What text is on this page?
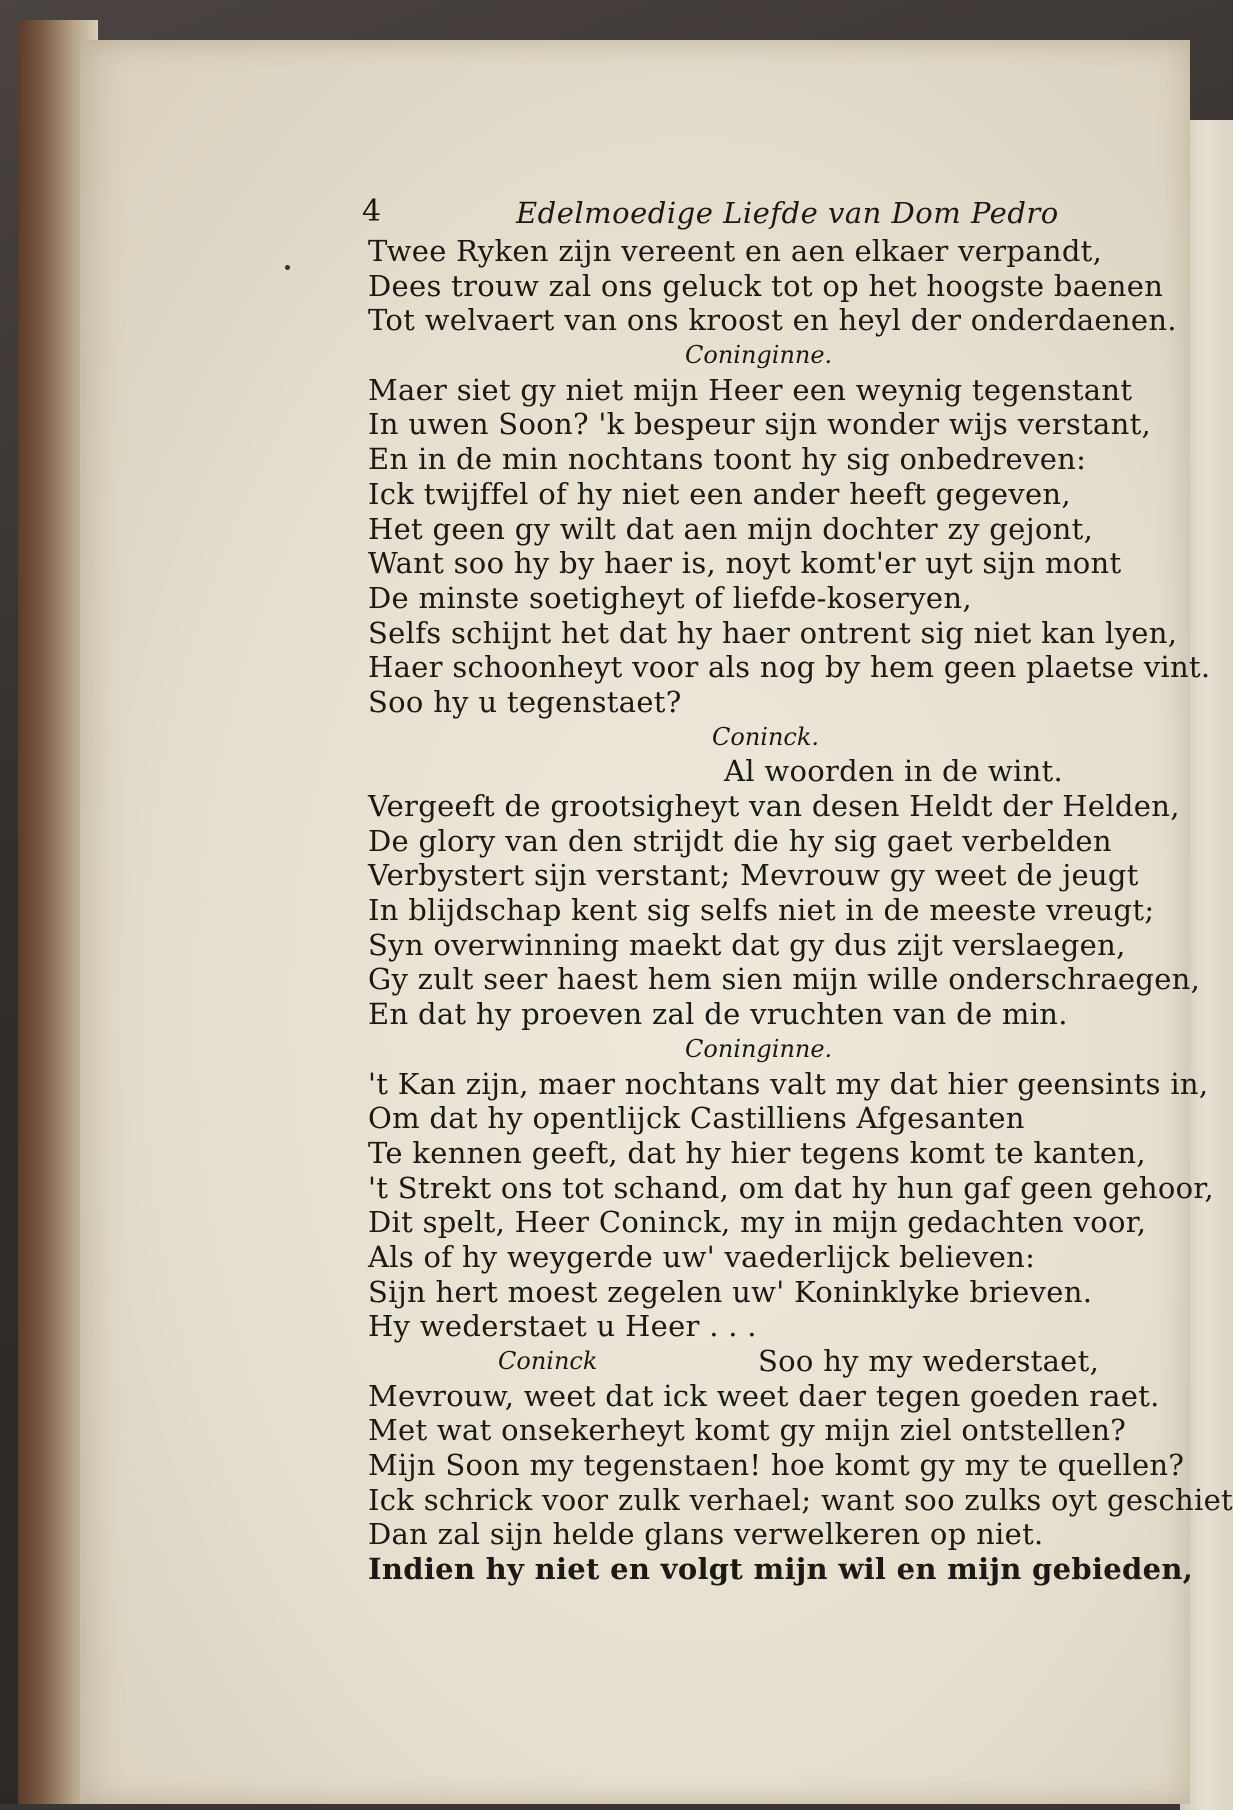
4	Edelmoedige Liefde van Dom Pedro
Twee Ryken zijn vereent en aen elkaer verpandt,
Dees trouw zal ons geluck tot op het hoogste baenen
Tot welvaert van ons kroost en heyl der onderdaenen.
Coninginne.
Maer siet gy niet mijn Heer een weynig tegenstant
In uwen Soon? 'k bespeur sijn wonder wijs verstant,
En in de min nochtans toont hy sig onbedreven:
Ick twijffel of hy niet een ander heeft gegeven,
Het geen gy wilt dat aen mijn dochter zy gejont,
Want soo hy by haer is, noyt komt'er uyt sijn mont
De minste soetigheyt of liefde-koseryen,
Selfs schijnt het dat hy haer ontrent sig niet kan lyen,
Haer schoonheyt voor als nog by hem geen plaetse vint.
Soo hy u tegenstaet?
Coninck.
Al woorden in de wint.
Vergeeft de grootsigheyt van desen Heldt der Helden,
De glory van den strijdt die hy sig gaet verbelden
Verbystert sijn verstant; Mevrouw gy weet de jeugt
In blijdschap kent sig selfs niet in de meeste vreugt;
Syn overwinning maekt dat gy dus zijt verslaegen,
Gy zult seer haest hem sien mijn wille onderschraegen,
En dat hy proeven zal de vruchten van de min.
Coninginne.
't Kan zijn, maer nochtans valt my dat hier geensints in,
Om dat hy opentlijck Castilliens Afgesanten
Te kennen geeft, dat hy hier tegens komt te kanten,
't Strekt ons tot schand, om dat hy hun gaf geen gehoor,
Dit spelt, Heer Coninck, my in mijn gedachten voor,
Als of hy weygerde uw' vaederlijck believen:
Sijn hert moest zegelen uw' Koninklyke brieven.
Hy wederstaet u Heer . . .
Coninck	Soo hy my wederstaet,
Mevrouw, weet dat ick weet daer tegen goeden raet.
Met wat onsekerheyt komt gy mijn ziel ontstellen?
Mijn Soon my tegenstaen! hoe komt gy my te quellen?
Ick schrick voor zulk verhael; want soo zulks oyt geschiet
Dan zal sijn helde glans verwelkeren op niet.
Indien hy niet en volgt mijn wil en mijn gebieden,
